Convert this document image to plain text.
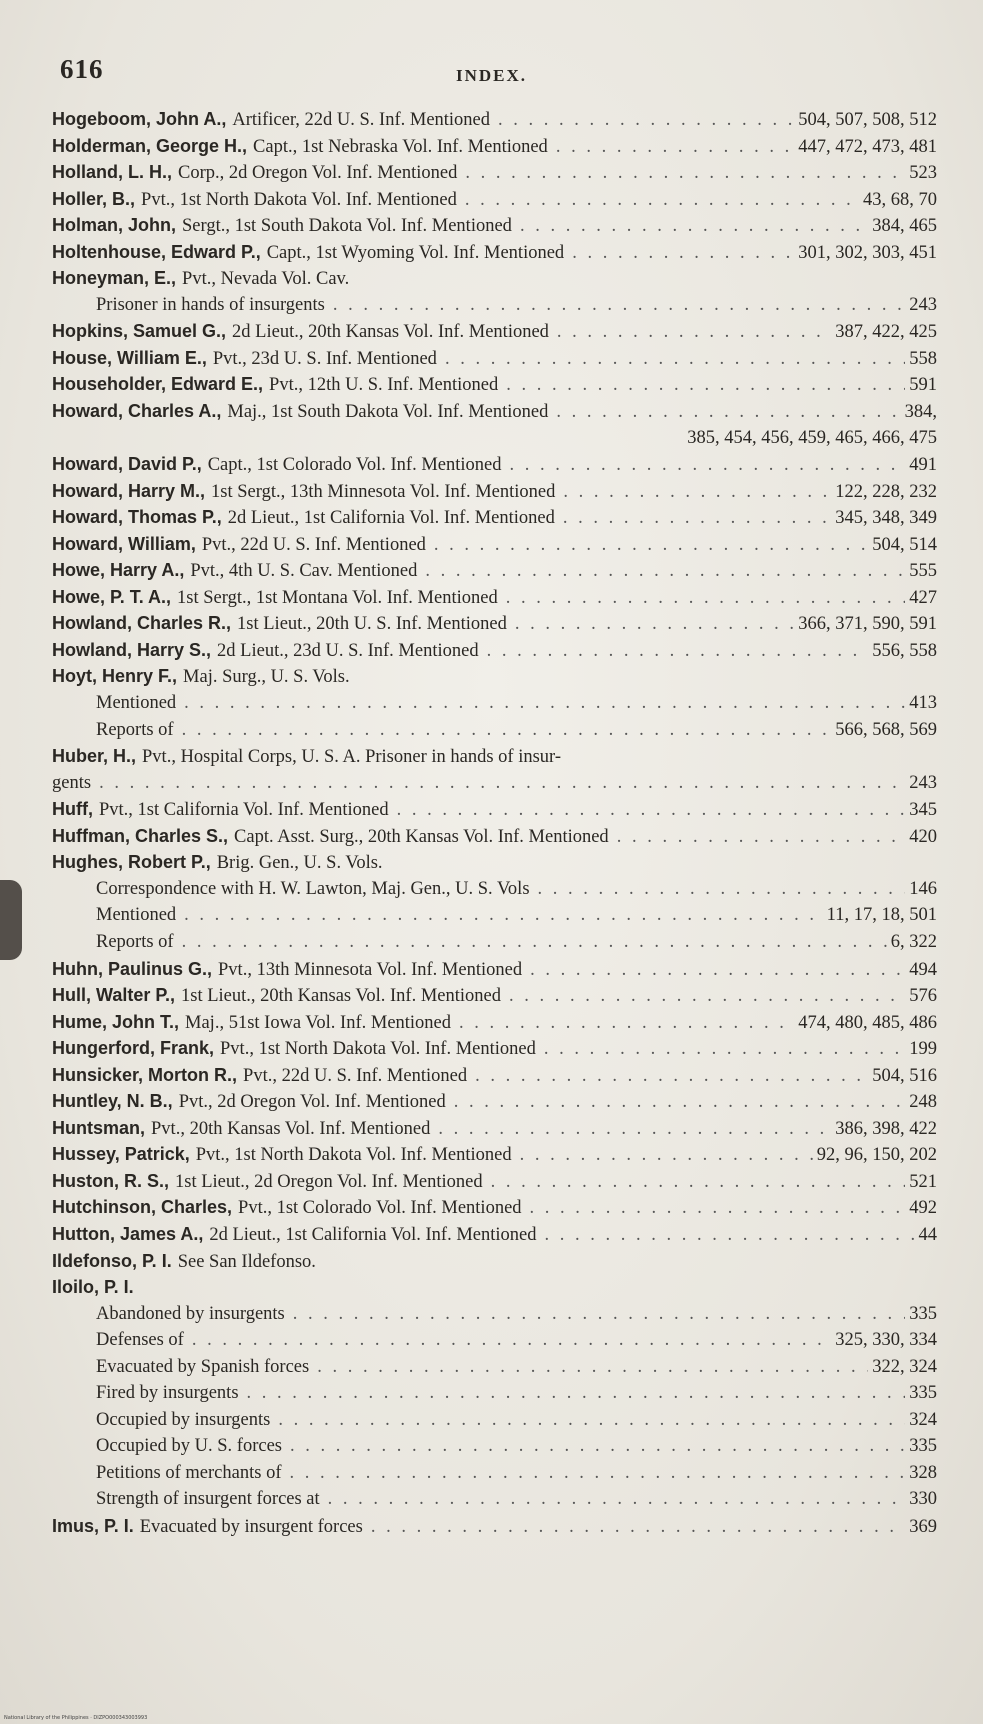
616	INDEX.
Hogeboom, John A., Artificer, 22d U. S. Inf. Mentioned . . .	504, 507, 508, 512
Holderman, George H., Capt., 1st Nebraska Vol. Inf. Mentioned . . .	447, 472, 473, 481
Holland, L. H., Corp., 2d Oregon Vol. Inf. Mentioned . . .	523
Holler, B., Pvt., 1st North Dakota Vol. Inf. Mentioned . . .	43, 68, 70
Holman, John, Sergt., 1st South Dakota Vol. Inf. Mentioned . . .	384, 465
Holtenhouse, Edward P., Capt., 1st Wyoming Vol. Inf. Mentioned . . .	301, 302, 303, 451
Honeyman, E., Pvt., Nevada Vol. Cav.
Prisoner in hands of insurgents . . .	243
Hopkins, Samuel G., 2d Lieut., 20th Kansas Vol. Inf. Mentioned . . .	387, 422, 425
House, William E., Pvt., 23d U. S. Inf. Mentioned . . .	558
Householder, Edward E., Pvt., 12th U. S. Inf. Mentioned . . .	591
Howard, Charles A., Maj., 1st South Dakota Vol. Inf. Mentioned . . .	384,
385, 454, 456, 459, 465, 466, 475
Howard, David P., Capt., 1st Colorado Vol. Inf. Mentioned . . .	491
Howard, Harry M., 1st Sergt., 13th Minnesota Vol. Inf. Mentioned . . .	122, 228, 232
Howard, Thomas P., 2d Lieut., 1st California Vol. Inf. Mentioned . . .	345, 348, 349
Howard, William, Pvt., 22d U. S. Inf. Mentioned . . .	504, 514
Howe, Harry A., Pvt., 4th U. S. Cav. Mentioned . . .	555
Howe, P. T. A., 1st Sergt., 1st Montana Vol. Inf. Mentioned . . .	427
Howland, Charles R., 1st Lieut., 20th U. S. Inf. Mentioned . . .	366, 371, 590, 591
Howland, Harry S., 2d Lieut., 23d U. S. Inf. Mentioned . . .	556, 558
Hoyt, Henry F., Maj. Surg., U. S. Vols.
Mentioned . . .	413
Reports of . . .	566, 568, 569
Huber, H., Pvt., Hospital Corps, U. S. A. Prisoner in hands of insur-
gents . . .	243
Huff, Pvt., 1st California Vol. Inf. Mentioned . . .	345
Huffman, Charles S., Capt. Asst. Surg., 20th Kansas Vol. Inf. Mentioned . . .	420
Hughes, Robert P., Brig. Gen., U. S. Vols.
Correspondence with H. W. Lawton, Maj. Gen., U. S. Vols . . .	146
Mentioned . . .	11, 17, 18, 501
Reports of . . .	6, 322
Huhn, Paulinus G., Pvt., 13th Minnesota Vol. Inf. Mentioned . . .	494
Hull, Walter P., 1st Lieut., 20th Kansas Vol. Inf. Mentioned . . .	576
Hume, John T., Maj., 51st Iowa Vol. Inf. Mentioned . . .	474, 480, 485, 486
Hungerford, Frank, Pvt., 1st North Dakota Vol. Inf. Mentioned . . .	199
Hunsicker, Morton R., Pvt., 22d U. S. Inf. Mentioned . . .	504, 516
Huntley, N. B., Pvt., 2d Oregon Vol. Inf. Mentioned . . .	248
Huntsman, Pvt., 20th Kansas Vol. Inf. Mentioned . . .	386, 398, 422
Hussey, Patrick, Pvt., 1st North Dakota Vol. Inf. Mentioned . . .	92, 96, 150, 202
Huston, R. S., 1st Lieut., 2d Oregon Vol. Inf. Mentioned . . .	521
Hutchinson, Charles, Pvt., 1st Colorado Vol. Inf. Mentioned . . .	492
Hutton, James A., 2d Lieut., 1st California Vol. Inf. Mentioned . . .	44
Ildefonso, P. I. See San Ildefonso.
Iloilo, P. I.
Abandoned by insurgents . . .	335
Defenses of . . .	325, 330, 334
Evacuated by Spanish forces . . .	322, 324
Fired by insurgents . . .	335
Occupied by insurgents . . .	324
Occupied by U. S. forces . . .	335
Petitions of merchants of . . .	328
Strength of insurgent forces at . . .	330
Imus, P. I. Evacuated by insurgent forces . . .	369
National Library of the Philippines · DIZPO000343003993
